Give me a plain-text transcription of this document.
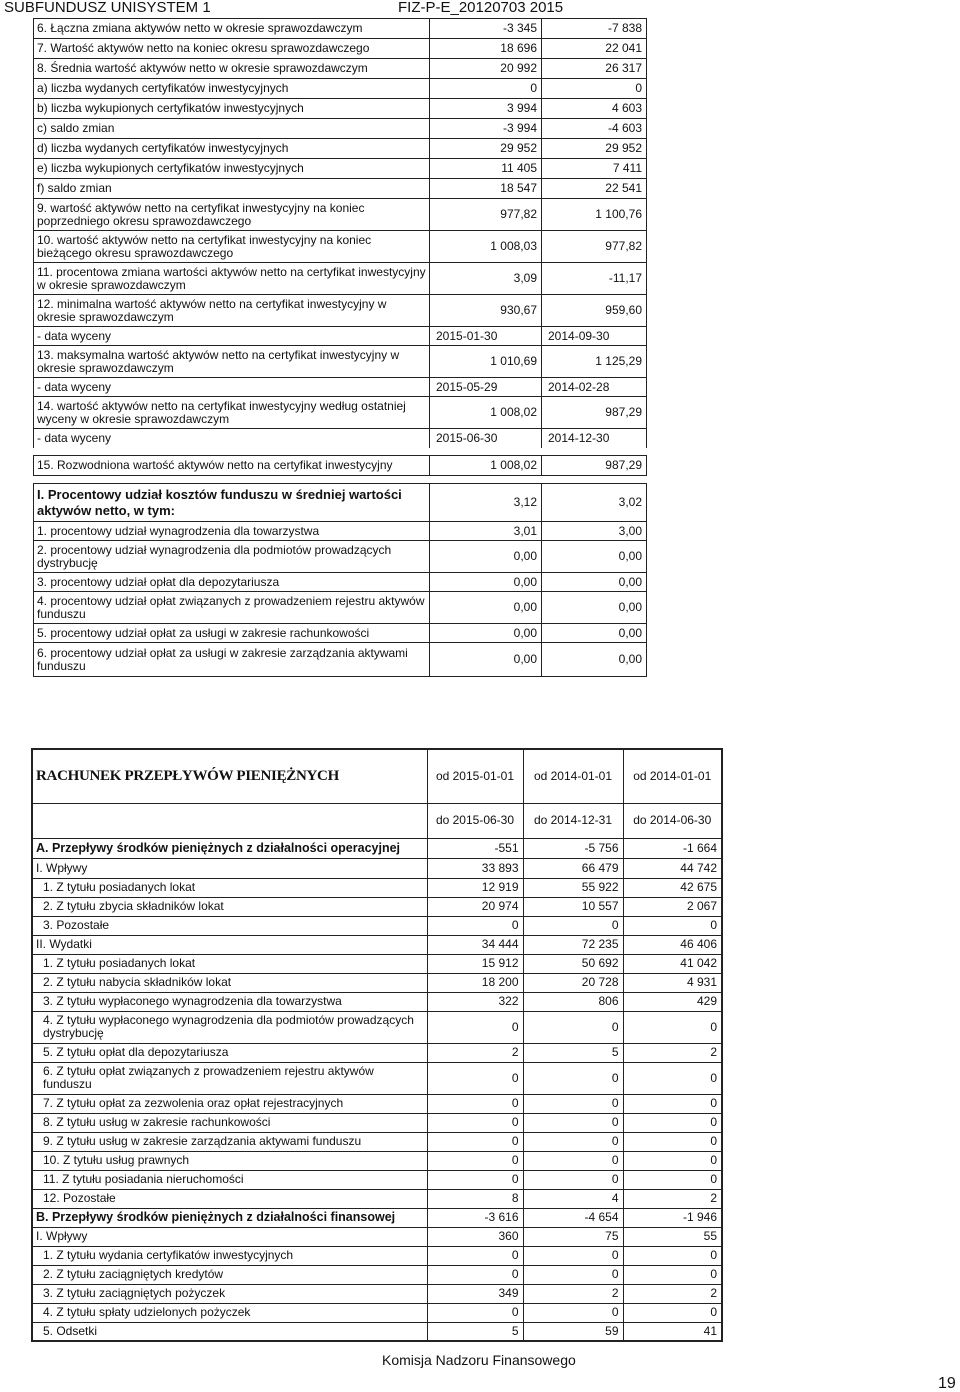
SUBFUNDUSZ UNISYSTEM 1	FIZ-P-E_20120703 2015
6. Łączna zmiana aktywów netto w okresie sprawozdawczym	-3 345	-7 838
7. Wartość aktywów netto na koniec okresu sprawozdawczego	18 696	22 041
8. Średnia wartość aktywów netto w okresie sprawozdawczym	20 992	26 317
a) liczba wydanych certyfikatów inwestycyjnych	0	0
b) liczba wykupionych certyfikatów inwestycyjnych	3 994	4 603
c) saldo zmian	-3 994	-4 603
d) liczba wydanych certyfikatów inwestycyjnych	29 952	29 952
e) liczba wykupionych certyfikatów inwestycyjnych	11 405	7 411
f) saldo zmian	18 547	22 541
9. wartość aktywów netto na certyfikat inwestycyjny na koniec poprzedniego okresu sprawozdawczego	977,82	1 100,76
10. wartość aktywów netto na certyfikat inwestycyjny na koniec bieżącego okresu sprawozdawczego	1 008,03	977,82
11. procentowa zmiana wartości aktywów netto na certyfikat inwestycyjny w okresie sprawozdawczym	3,09	-11,17
12. minimalna wartość aktywów netto na certyfikat inwestycyjny w okresie sprawozdawczym	930,67	959,60
- data wyceny	2015-01-30	2014-09-30
13. maksymalna wartość aktywów netto na certyfikat inwestycyjny w okresie sprawozdawczym	1 010,69	1 125,29
- data wyceny	2015-05-29	2014-02-28
14. wartość aktywów netto na certyfikat inwestycyjny według ostatniej wyceny w okresie sprawozdawczym	1 008,02	987,29
- data wyceny	2015-06-30	2014-12-30

15. Rozwodniona wartość aktywów netto na certyfikat inwestycyjny	1 008,02	987,29

I. Procentowy udział kosztów funduszu w średniej wartości aktywów netto, w tym:	3,12	3,02
1. procentowy udział wynagrodzenia dla towarzystwa	3,01	3,00
2. procentowy udział wynagrodzenia dla podmiotów prowadzących dystrybucję	0,00	0,00
3. procentowy udział opłat dla depozytariusza	0,00	0,00
4. procentowy udział opłat związanych z prowadzeniem rejestru aktywów funduszu	0,00	0,00
5. procentowy udział opłat za usługi w zakresie rachunkowości	0,00	0,00
6. procentowy udział opłat za usługi w zakresie zarządzania aktywami funduszu	0,00	0,00
RACHUNEK PRZEPŁYWÓW PIENIĘŻNYCH	od 2015-01-01	od 2014-01-01	od 2014-01-01
	do 2015-06-30	do 2014-12-31	do 2014-06-30
A. Przepływy środków pieniężnych z działalności operacyjnej	-551	-5 756	-1 664
I. Wpływy	33 893	66 479	44 742
1. Z tytułu posiadanych lokat	12 919	55 922	42 675
2. Z tytułu zbycia składników lokat	20 974	10 557	2 067
3. Pozostałe	0	0	0
II. Wydatki	34 444	72 235	46 406
1. Z tytułu posiadanych lokat	15 912	50 692	41 042
2. Z tytułu nabycia składników lokat	18 200	20 728	4 931
3. Z tytułu wypłaconego wynagrodzenia dla towarzystwa	322	806	429
4. Z tytułu wypłaconego wynagrodzenia dla podmiotów prowadzących dystrybucję	0	0	0
5. Z tytułu opłat dla depozytariusza	2	5	2
6. Z tytułu opłat związanych z prowadzeniem rejestru aktywów funduszu	0	0	0
7. Z tytułu opłat za zezwolenia oraz opłat rejestracyjnych	0	0	0
8. Z tytułu usług w zakresie rachunkowości	0	0	0
9. Z tytułu usług w zakresie zarządzania aktywami funduszu	0	0	0
10. Z tytułu usług prawnych	0	0	0
11. Z tytułu posiadania nieruchomości	0	0	0
12. Pozostałe	8	4	2
B. Przepływy środków pieniężnych z działalności finansowej	-3 616	-4 654	-1 946
I. Wpływy	360	75	55
1. Z tytułu wydania certyfikatów inwestycyjnych	0	0	0
2. Z tytułu zaciągniętych kredytów	0	0	0
3. Z tytułu zaciągniętych pożyczek	349	2	2
4. Z tytułu spłaty udzielonych pożyczek	0	0	0
5. Odsetki	5	59	41
Komisja Nadzoru Finansowego
19
